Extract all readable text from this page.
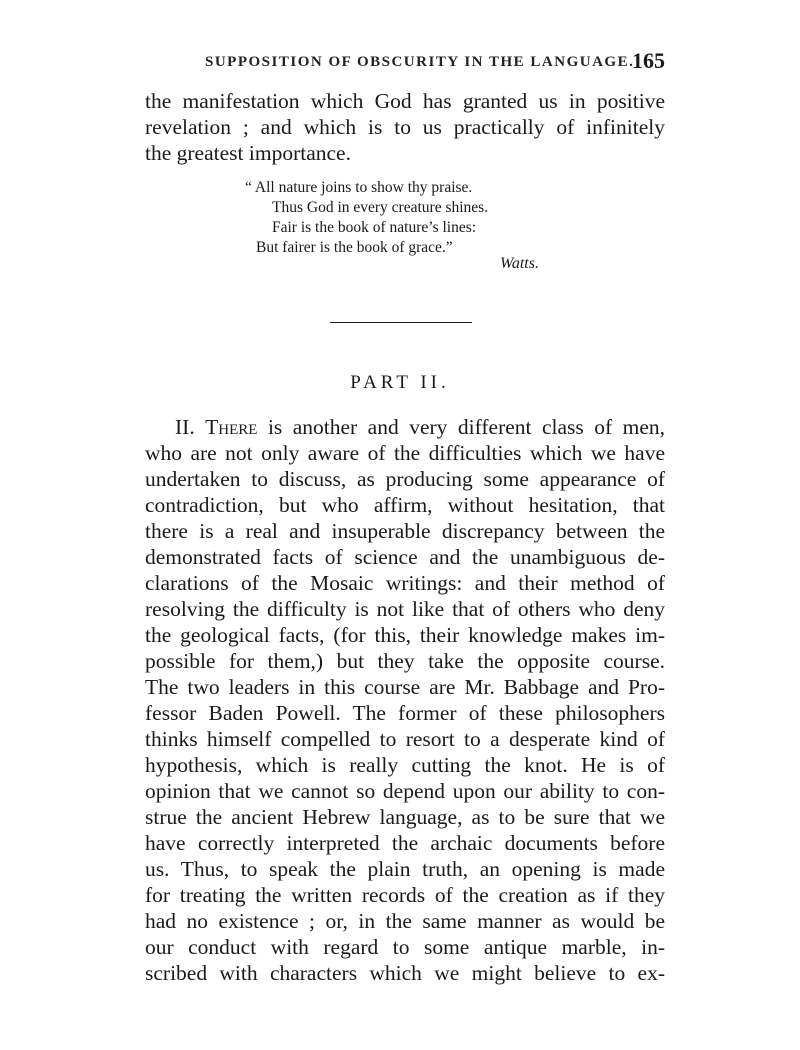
SUPPOSITION OF OBSCURITY IN THE LANGUAGE.
165
the manifestation which God has granted us in positive
revelation ; and which is to us practically of infinitely
the greatest importance.
“ All nature joins to show thy praise.
Thus God in every creature shines.
Fair is the book of nature’s lines:
But fairer is the book of grace.”
Watts.
PART II.
II. There is another and very different class of men,
who are not only aware of the difficulties which we have
undertaken to discuss, as producing some appearance of
contradiction, but who affirm, without hesitation, that
there is a real and insuperable discrepancy between the
demonstrated facts of science and the unambiguous de-
clarations of the Mosaic writings: and their method of
resolving the difficulty is not like that of others who deny
the geological facts, (for this, their knowledge makes im-
possible for them,) but they take the opposite course.
The two leaders in this course are Mr. Babbage and Pro-
fessor Baden Powell. The former of these philosophers
thinks himself compelled to resort to a desperate kind of
hypothesis, which is really cutting the knot. He is of
opinion that we cannot so depend upon our ability to con-
strue the ancient Hebrew language, as to be sure that we
have correctly interpreted the archaic documents before
us. Thus, to speak the plain truth, an opening is made
for treating the written records of the creation as if they
had no existence ; or, in the same manner as would be
our conduct with regard to some antique marble, in-
scribed with characters which we might believe to ex-
